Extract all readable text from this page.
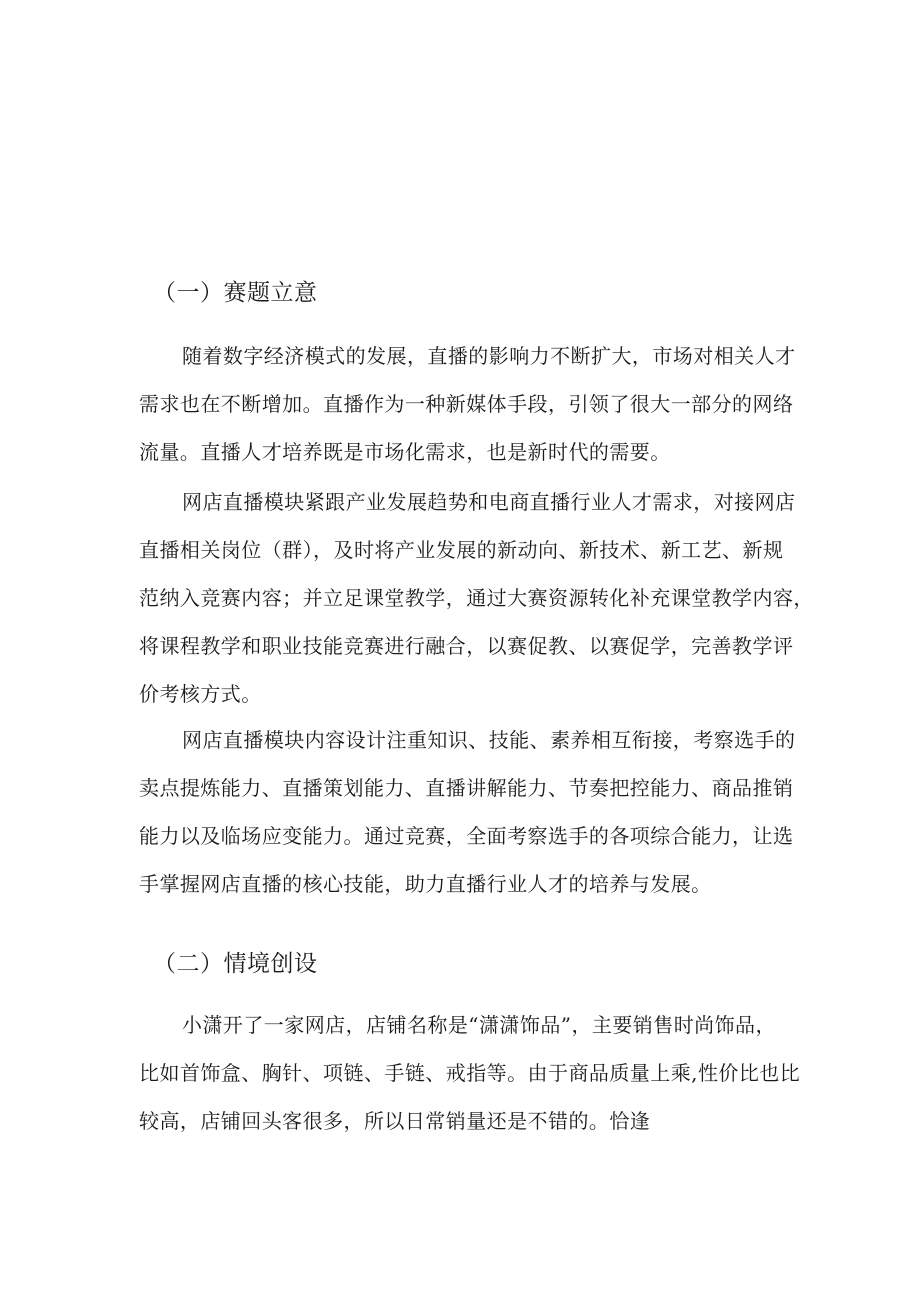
（一）赛题立意
随着数字经济模式的发展，直播的影响力不断扩大，市场对相关人才
需求也在不断增加。直播作为一种新媒体手段，引领了很大一部分的网络
流量。直播人才培养既是市场化需求，也是新时代的需要。
网店直播模块紧跟产业发展趋势和电商直播行业人才需求，对接网店
直播相关岗位（群），及时将产业发展的新动向、新技术、新工艺、新规
范纳入竞赛内容；并立足课堂教学，通过大赛资源转化补充课堂教学内容，
将课程教学和职业技能竞赛进行融合，以赛促教、以赛促学，完善教学评
价考核方式。
网店直播模块内容设计注重知识、技能、素养相互衔接，考察选手的
卖点提炼能力、直播策划能力、直播讲解能力、节奏把控能力、商品推销
能力以及临场应变能力。通过竞赛，全面考察选手的各项综合能力，让选
手掌握网店直播的核心技能，助力直播行业人才的培养与发展。
（二）情境创设
小潇开了一家网店，店铺名称是“潇潇饰品”，主要销售时尚饰品，
比如首饰盒、胸针、项链、手链、戒指等。由于商品质量上乘,性价比也比
较高，店铺回头客很多，所以日常销量还是不错的。恰逢
